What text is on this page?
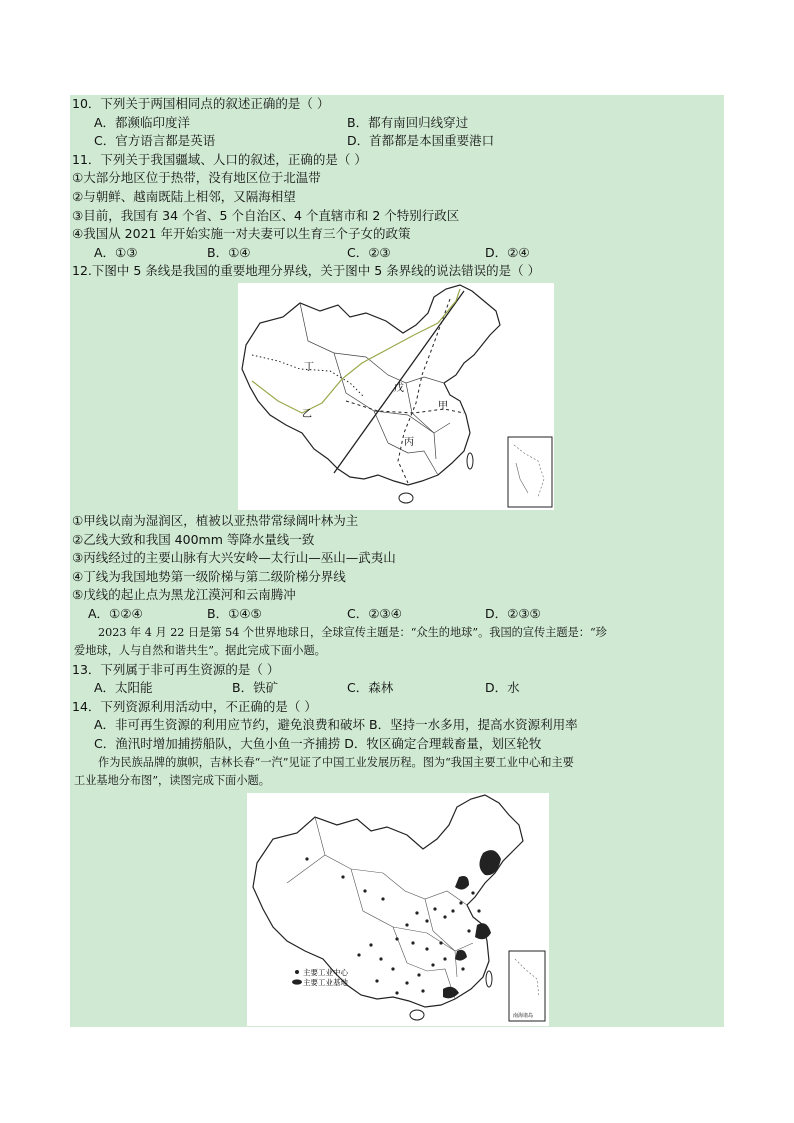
10．下列关于两国相同点的叙述正确的是（ ）
A．都濒临印度洋	B．都有南回归线穿过
C．官方语言都是英语	D．首都都是本国重要港口
11．下列关于我国疆域、人口的叙述，正确的是（ ）
①大部分地区位于热带，没有地区位于北温带
②与朝鲜、越南既陆上相邻，又隔海相望
③目前，我国有 34 个省、5 个自治区、4 个直辖市和 2 个特别行政区
④我国从 2021 年开始实施一对夫妻可以生育三个子女的政策
A．①③	B．①④	C．②③	D．②④
12.下图中 5 条线是我国的重要地理分界线，关于图中 5 条界线的说法错误的是（ ）
丁
戊
甲
乙
丙
①甲线以南为湿润区，植被以亚热带常绿阔叶林为主
②乙线大致和我国 400mm 等降水量线一致
③丙线经过的主要山脉有大兴安岭—太行山—巫山—武夷山
④丁线为我国地势第一级阶梯与第二级阶梯分界线
⑤戊线的起止点为黑龙江漠河和云南腾冲
A．①②④	B．①④⑤	C．②③④	D．②③⑤
2023 年 4 月 22 日是第 54 个世界地球日，全球宣传主题是：“众生的地球”。我国的宣传主题是：“珍
爱地球，人与自然和谐共生”。据此完成下面小题。
13．下列属于非可再生资源的是（ ）
A．太阳能	B．铁矿	C．森林	D．水
14．下列资源利用活动中，不正确的是（ ）
A．非可再生资源的利用应节约，避免浪费和破坏 B．坚持一水多用，提高水资源利用率
C．渔汛时增加捕捞船队，大鱼小鱼一齐捕捞 D．牧区确定合理载畜量，划区轮牧
作为民族品牌的旗帜，吉林长春“一汽”见证了中国工业发展历程。图为“我国主要工业中心和主要
工业基地分布图”，读图完成下面小题。
主要工业中心
主要工业基地
南海诸岛
